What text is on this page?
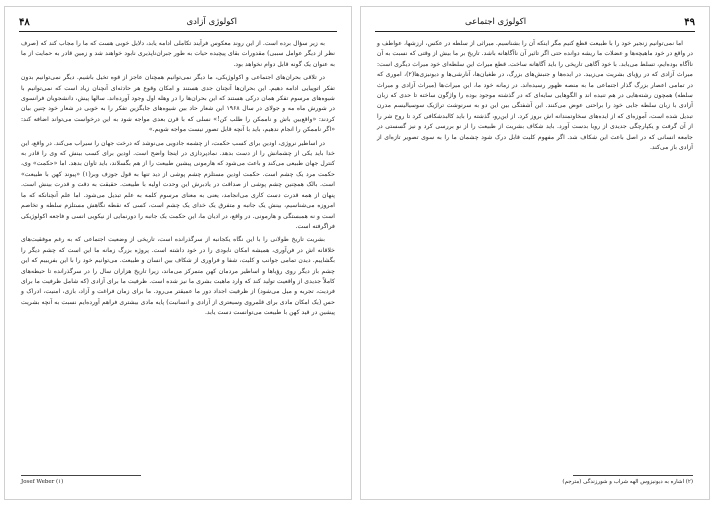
۴۸	اکولوژی آزادی

به زیر سؤال برده است. از این روند معکوس فرآیند تکاملی ادامه یابد، دلایل خوبی هست که ما را مجاب کند که (صرف نظر از دیگر عوامل سببی) مقدورات بقای پیچیده حیات به طور جبران‌ناپذیری نابود خواهند شد و زمین قادر به حمایت از ما به عنوان یک گونه قابل دوام نخواهد بود.

در تلاقی بحران‌های اجتماعی و اکولوژیکی، ما دیگر نمی‌توانیم همچنان عاجز از قوه تخیل باشیم. دیگر نمی‌توانیم بدون تفکر اتوپیایی ادامه دهیم. این بحران‌ها آنچنان جدی هستند و امکان وقوع هر حادثه‌ای آنچنان زیاد است که نمی‌توانیم با شیوه‌های مرسوم تفکر همان درکی هستند که این بحران‌ها را در وهله اول وجود آورده‌اند. سالها پیش، دانشجویان فرانسوی در شورش ماه مه و جولای در سال ۱۹۶۸ این شعار حاد بین شیوه‌های جایگزین تفکر را به خوبی در شعار خود چنین بیان کردند: «واقع‌بین باش و ناممکن را طلب کن!» نسلی که با قرن بعدی مواجه شود به این درخواست می‌تواند اضافه کند: «اگر ناممکن را انجام ندهیم، باید با آنچه قابل تصور نیست مواجه شویم.»

در اساطیر نروژی، اودین برای کسب حکمت، از چشمه جادویی می‌نوشد که درخت جهان را سیراب می‌کند. در واقع، این خدا باید یکی از چشمانش را از دست بدهد. نمادپردازی در اینجا واضح است. اودین برای کسب بینش که وی را قادر به کنترل جهان طبیعی می‌کند و باعث می‌شود که هارمونی پیشین طبیعت را از هم بگسلاند، باید تاوان بدهد. اما «حکمت» وی، حکمت مرد یک چشم است. حکمت اودین مستلزم چشم پوشی از دید تنها به قول جوزف وبر(۱) «پیوند کهن با طبیعت» است. بالک همچنین چشم پوشی از صداقت در یادبرش این وحدت اولیه با طبیعت. حقیقت به دقت و قدرت بینش است. پنهان از همه قدرت دست کاری می‌انجامد، یعنی به معنای مرسوم کلمه به علم تبدیل می‌شود. اما علم آنچنانکه که ما امروزه می‌شناسیم، بینش یک جانبه و متفرق یک خدای یک چشم است، کسی که نقطه نگاهش مستلزم سلطه و تخاصم است و نه همبستگی و هارمونی. در واقع، در ادیان ما، این حکمت یک جانبه را دورنمایی از نیکویی انسی و فاجعه اکولوژیکی فراگرفته است.

بشریت تاریخ طولانی را با این نگاه یکجانبه از سرگذرانده است، تاریخی از وضعیت اجتماعی که به رغم موفقیت‌های خلاقانه اش در فن‌آوری، همیشه امکان نابودی را در خود داشته است. پروژه بزرگ زمانه ما این است که چشم دیگر را بگشاییم. دیدن تمامی جوانب و کلیت، شفا و فراوری از شکاف بین انسان و طبیعت. می‌توانیم خود را با این بفریبیم که این چشم باز دیگر روی رؤیاها و اساطیر مردمان کهن متمرکز می‌ماند، زیرا تاریخ هزاران سال را در سرگذرانده تا حیطه‌های کاملاً جدیدی از واقعیت تولید کند که وارد ماهیت بشری ما نیز شده است. ظرفیت ما برای آزادی (که شامل ظرفیت ما برای فردیت، تجربه و میل می‌شود) از ظرفیت اجداد دور ما عمیقتر می‌رود. ما برای زمان فراغت و آزاد، بازی، امنیت، ادراک و حس (یک امکان مادی برای قلمروی وسیعتری از آزادی و انسانیت) پایه مادی بیشتری فراهم آورده‌ایم نسبت به آنچه بشریت پیشین در قید کهن با طبیعت می‌توانست دست یابد.

Josef Weber (۱)
۴۹
اکولوژی اجتماعی

اما نمی‌توانیم زنجیر خود را با طبیعت قطع کنیم مگر اینکه آن را بشناسیم. میراثی از سلطه در عکس، ارزشها، عواطف و در واقع در خود ماهیچه‌ها و عضلات ما ریشه دوانده حتی اگر تاثیر آن ناآگاهانه باشد. تاریخ بر ما بیش از وقتی که نسبت به آن ناآگاه بوده‌ایم، تسلط می‌یابد. با خود آگاهی تاریخی را باید آگاهانه ساخت. قطع میراث این سلطه‌ای خود میراث دیگری است: میراث آزادی که در رؤیای بشریت می‌زیید. در ایده‌ها و جنبش‌های بزرگ، در طغیان‌ها، آنارشی‌ها و دیونیزی‌ها(۲)، اموری که در تمامی اعصار بزرگ گذار اجتماعی ما به منصه ظهور رسیده‌اند. در زمانه خود ما، این میراث‌ها (میراث آزادی و میراث سلطه) همچون رشته‌هایی در هم تنیده اند و الگوهایی سایه‌ای که در گذشته موجود بوده را واژگون ساخته تا حدی که زبان آزادی با زبان سلطه جایی خود را براحتی عوض می‌کنند. این آشفتگی بین این دو به سرنوشت تراژیک سوسیالیسم مدرن تبدیل شده است، آموزه‌ای که از ایده‌های سخاوتمندانه اش بروز کرد. از این‌رو، گذشته را باید کالبدشکافی کرد تا روح شر را از آن گرفت و یکپارچگی جدیدی از رویا بدست آورد. باید شکاف بشریت از طبیعت را از نو بررسی کرد و نیز گسستی در جامعه انسانی که در اصل باعث این شکاف شد. اگر مفهوم کلیت قابل درک شود چشمان ما را به سوی تصویر تازه‌ای از آزادی باز می‌کند.

(۲) اشاره به دیونیزوس الهه شراب و شورزندگی (مترجم)
